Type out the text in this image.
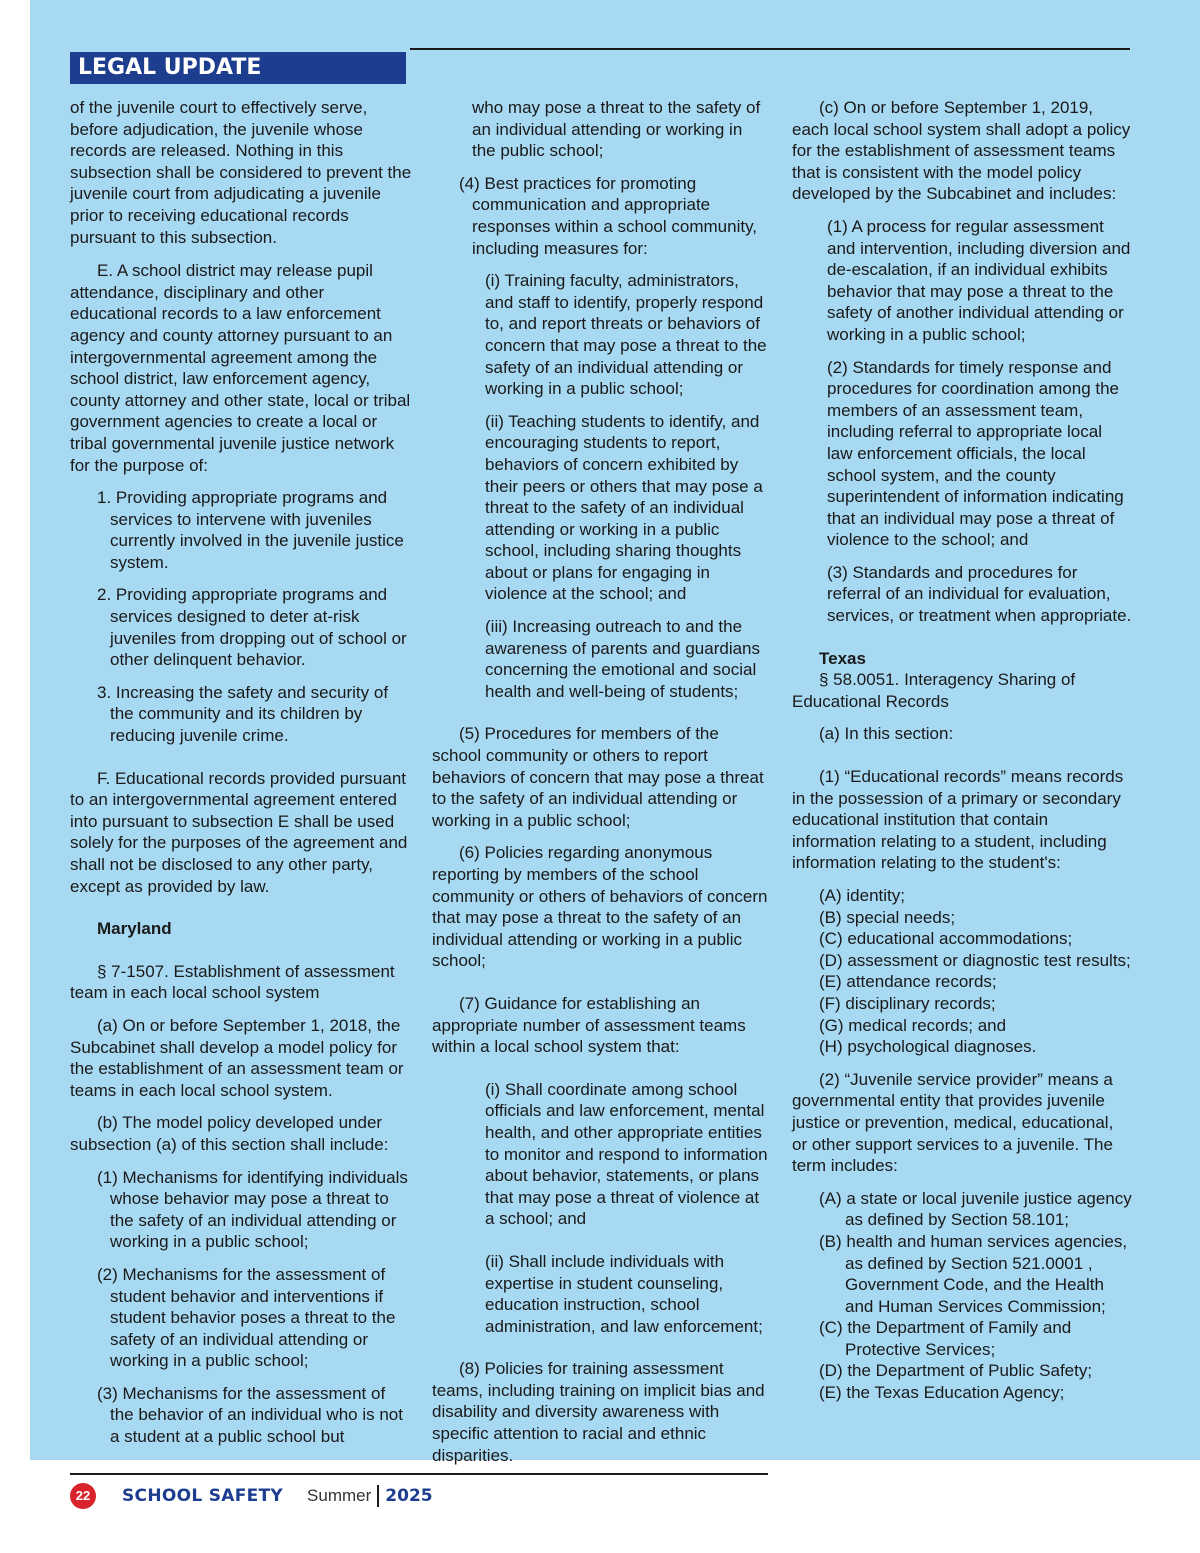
LEGAL UPDATE

of the juvenile court to effectively serve, before adjudication, the juvenile whose records are released. Nothing in this subsection shall be considered to prevent the juvenile court from adjudicating a juvenile prior to receiving educational records pursuant to this subsection.

E. A school district may release pupil attendance, disciplinary and other educational records to a law enforcement agency and county attorney pursuant to an intergovernmental agreement among the school district, law enforcement agency, county attorney and other state, local or tribal government agencies to create a local or tribal governmental juvenile justice network for the purpose of:

1. Providing appropriate programs and services to intervene with juveniles currently involved in the juvenile justice system.

2. Providing appropriate programs and services designed to deter at-risk juveniles from dropping out of school or other delinquent behavior.

3. Increasing the safety and security of the community and its children by reducing juvenile crime.

F. Educational records provided pursuant to an intergovernmental agreement entered into pursuant to subsection E shall be used solely for the purposes of the agreement and shall not be disclosed to any other party, except as provided by law.

Maryland

§ 7-1507. Establishment of assessment team in each local school system

(a) On or before September 1, 2018, the Subcabinet shall develop a model policy for the establishment of an assessment team or teams in each local school system.

(b) The model policy developed under subsection (a) of this section shall include:

(1) Mechanisms for identifying individuals whose behavior may pose a threat to the safety of an individual attending or working in a public school;

(2) Mechanisms for the assessment of student behavior and interventions if student behavior poses a threat to the safety of an individual attending or working in a public school;

(3) Mechanisms for the assessment of the behavior of an individual who is not a student at a public school but

who may pose a threat to the safety of an individual attending or working in the public school;

(4) Best practices for promoting communication and appropriate responses within a school community, including measures for:

(i) Training faculty, administrators, and staff to identify, properly respond to, and report threats or behaviors of concern that may pose a threat to the safety of an individual attending or working in a public school;

(ii) Teaching students to identify, and encouraging students to report, behaviors of concern exhibited by their peers or others that may pose a threat to the safety of an individual attending or working in a public school, including sharing thoughts about or plans for engaging in violence at the school; and

(iii) Increasing outreach to and the awareness of parents and guardians concerning the emotional and social health and well-being of students;

(5) Procedures for members of the school community or others to report behaviors of concern that may pose a threat to the safety of an individual attending or working in a public school;

(6) Policies regarding anonymous reporting by members of the school community or others of behaviors of concern that may pose a threat to the safety of an individual attending or working in a public school;

(7) Guidance for establishing an appropriate number of assessment teams within a local school system that:

(i) Shall coordinate among school officials and law enforcement, mental health, and other appropriate entities to monitor and respond to information about behavior, statements, or plans that may pose a threat of violence at a school; and

(ii) Shall include individuals with expertise in student counseling, education instruction, school administration, and law enforcement;

(8) Policies for training assessment teams, including training on implicit bias and disability and diversity awareness with specific attention to racial and ethnic disparities.

(c) On or before September 1, 2019, each local school system shall adopt a policy for the establishment of assessment teams that is consistent with the model policy developed by the Subcabinet and includes:

(1) A process for regular assessment and intervention, including diversion and de-escalation, if an individual exhibits behavior that may pose a threat to the safety of another individual attending or working in a public school;

(2) Standards for timely response and procedures for coordination among the members of an assessment team, including referral to appropriate local law enforcement officials, the local school system, and the county superintendent of information indicating that an individual may pose a threat of violence to the school; and

(3) Standards and procedures for referral of an individual for evaluation, services, or treatment when appropriate.

Texas

§ 58.0051. Interagency Sharing of Educational Records

(a) In this section:

(1) “Educational records” means records in the possession of a primary or secondary educational institution that contain information relating to a student, including information relating to the student's:

(A) identity;
(B) special needs;
(C) educational accommodations;
(D) assessment or diagnostic test results;
(E) attendance records;
(F) disciplinary records;
(G) medical records; and
(H) psychological diagnoses.

(2) “Juvenile service provider” means a governmental entity that provides juvenile justice or prevention, medical, educational, or other support services to a juvenile. The term includes:

(A) a state or local juvenile justice agency as defined by Section 58.101;
(B) health and human services agencies, as defined by Section 521.0001 , Government Code, and the Health and Human Services Commission;
(C) the Department of Family and Protective Services;
(D) the Department of Public Safety;
(E) the Texas Education Agency;
22	SCHOOL SAFETY Summer 2025
